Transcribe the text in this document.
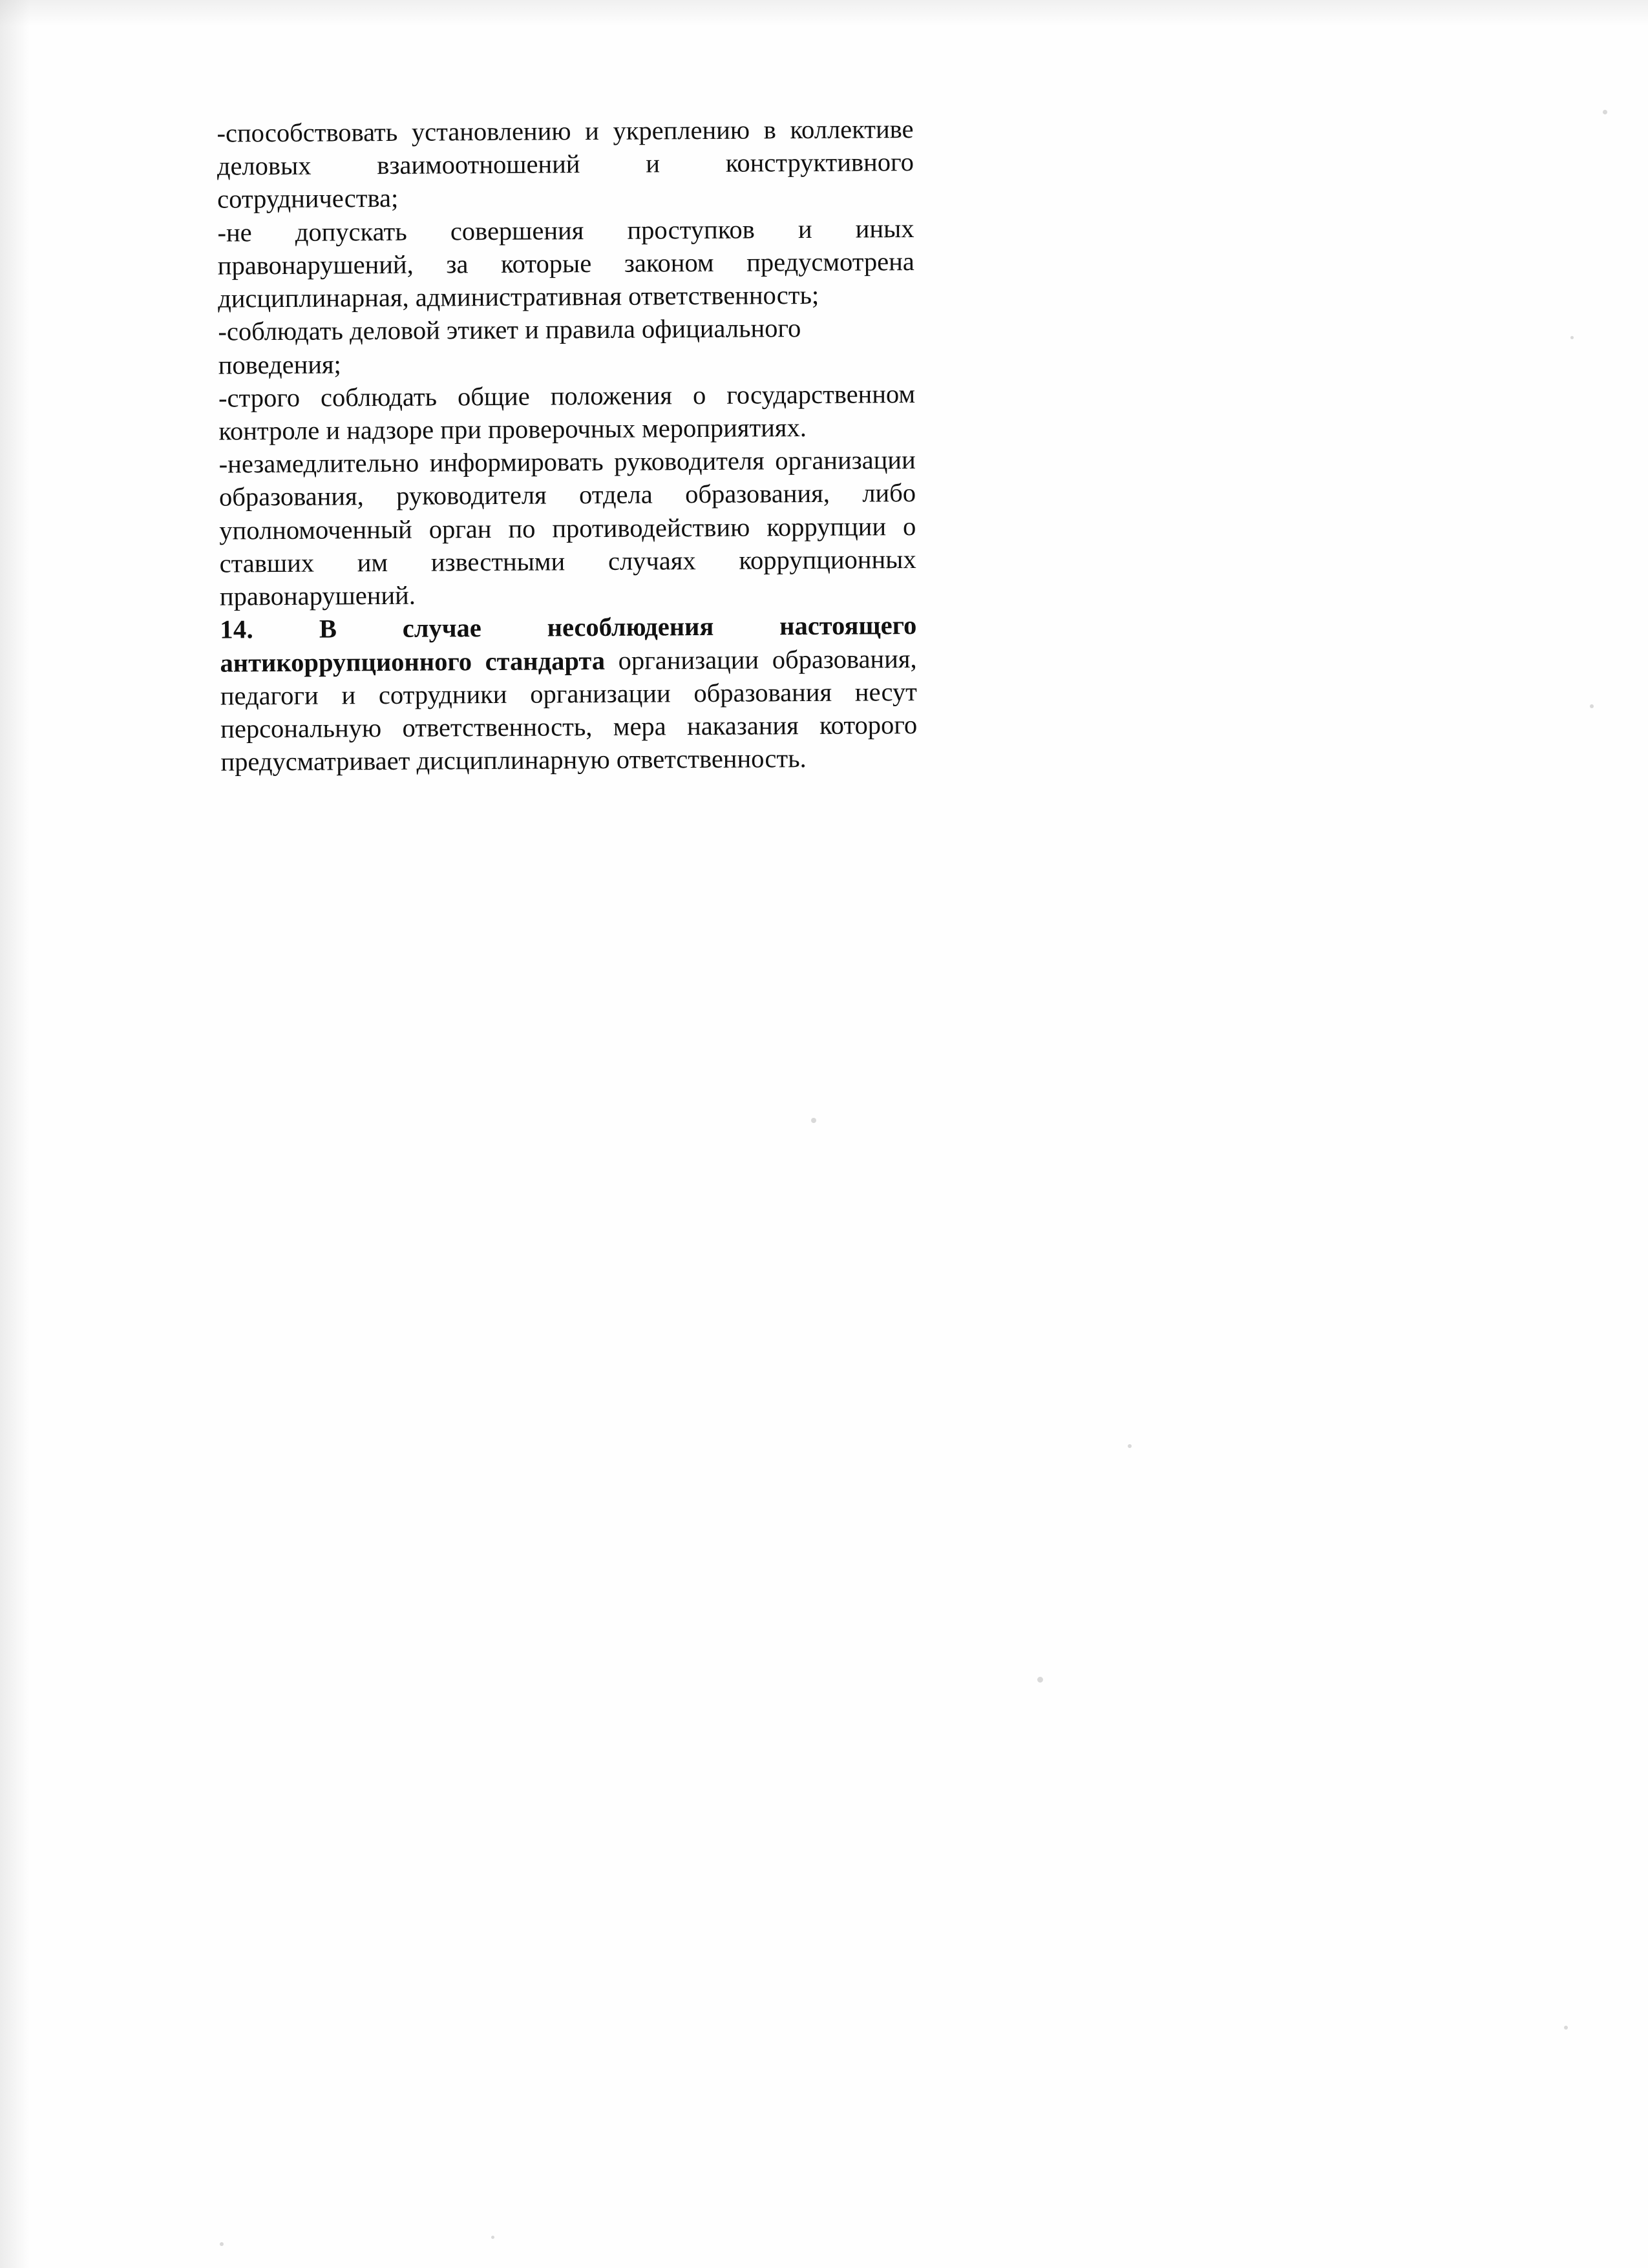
-способствовать установлению и укреплению в коллективе деловых взаимоотношений и конструктивного сотрудничества;

-не допускать совершения проступков и иных правонарушений, за которые законом предусмотрена дисциплинарная, административная ответственность;

-соблюдать деловой этикет и правила официального поведения;

-строго соблюдать общие положения о государственном контроле и надзоре при проверочных мероприятиях.

-незамедлительно информировать руководителя организации образования, руководителя отдела образования, либо уполномоченный орган по противодействию коррупции о ставших им известными случаях коррупционных правонарушений.

14.	В случае несоблюдения настоящего антикоррупционного стандарта организации образования, педагоги и сотрудники организации образования несут персональную ответственность, мера наказания которого предусматривает дисциплинарную ответственность.
